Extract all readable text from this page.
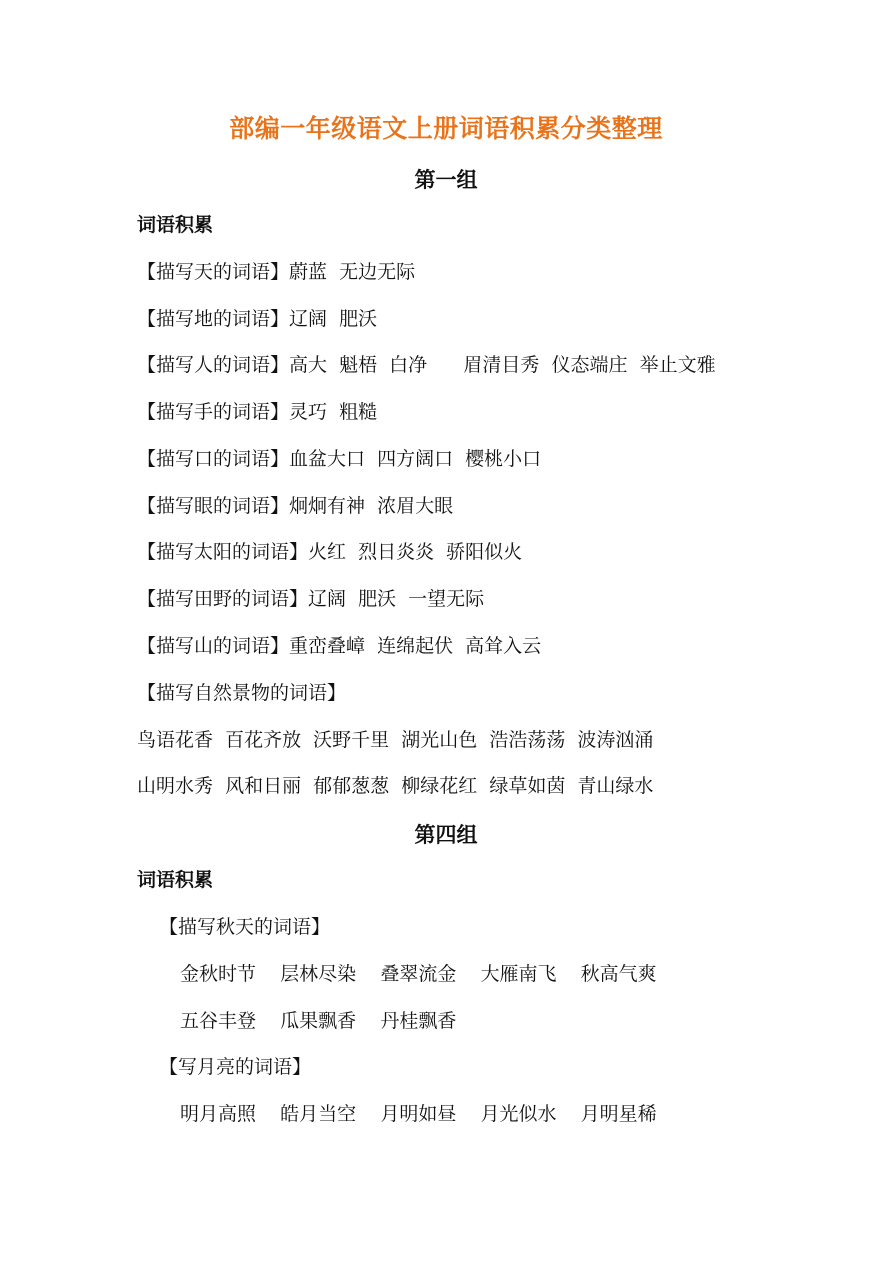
部编一年级语文上册词语积累分类整理
第一组
词语积累
【描写天的词语】蔚蓝  无边无际
【描写地的词语】辽阔  肥沃
【描写人的词语】高大  魁梧  白净      眉清目秀  仪态端庄  举止文雅
【描写手的词语】灵巧  粗糙
【描写口的词语】血盆大口  四方阔口  樱桃小口
【描写眼的词语】炯炯有神  浓眉大眼
【描写太阳的词语】火红  烈日炎炎  骄阳似火
【描写田野的词语】辽阔  肥沃  一望无际
【描写山的词语】重峦叠嶂  连绵起伏  高耸入云
【描写自然景物的词语】
鸟语花香  百花齐放  沃野千里  湖光山色  浩浩荡荡  波涛汹涌
山明水秀  风和日丽  郁郁葱葱  柳绿花红  绿草如茵  青山绿水
第四组
词语积累
【描写秋天的词语】
金秋时节    层林尽染    叠翠流金    大雁南飞    秋高气爽
五谷丰登    瓜果飘香    丹桂飘香
【写月亮的词语】
明月高照    皓月当空    月明如昼    月光似水    月明星稀
